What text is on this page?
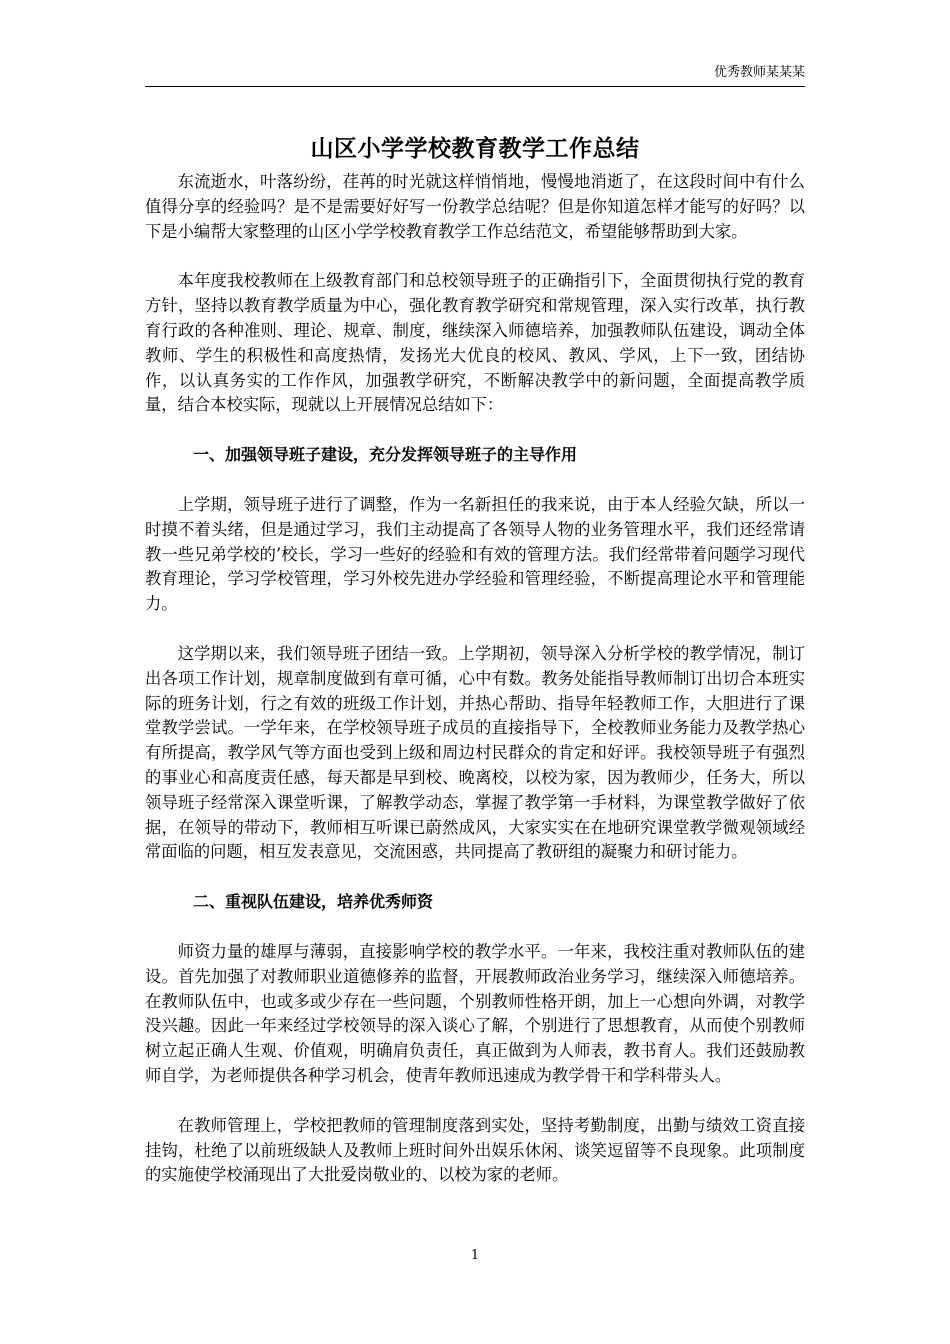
优秀教师某某某
山区小学学校教育教学工作总结

东流逝水，叶落纷纷，荏苒的时光就这样悄悄地，慢慢地消逝了，在这段时间中有什么值得分享的经验吗？是不是需要好好写一份教学总结呢？但是你知道怎样才能写的好吗？以下是小编帮大家整理的山区小学学校教育教学工作总结范文，希望能够帮助到大家。

本年度我校教师在上级教育部门和总校领导班子的正确指引下，全面贯彻执行党的教育方针，坚持以教育教学质量为中心，强化教育教学研究和常规管理，深入实行改革，执行教育行政的各种准则、理论、规章、制度，继续深入师德培养，加强教师队伍建设，调动全体教师、学生的积极性和高度热情，发扬光大优良的校风、教风、学风，上下一致，团结协作，以认真务实的工作作风，加强教学研究，不断解决教学中的新问题，全面提高教学质量，结合本校实际，现就以上开展情况总结如下：

一、加强领导班子建设，充分发挥领导班子的主导作用

上学期，领导班子进行了调整，作为一名新担任的我来说，由于本人经验欠缺，所以一时摸不着头绪，但是通过学习，我们主动提高了各领导人物的业务管理水平，我们还经常请教一些兄弟学校的’校长，学习一些好的经验和有效的管理方法。我们经常带着问题学习现代教育理论，学习学校管理，学习外校先进办学经验和管理经验，不断提高理论水平和管理能力。

这学期以来，我们领导班子团结一致。上学期初，领导深入分析学校的教学情况，制订出各项工作计划，规章制度做到有章可循，心中有数。教务处能指导教师制订出切合本班实际的班务计划，行之有效的班级工作计划，并热心帮助、指导年轻教师工作，大胆进行了课堂教学尝试。一学年来，在学校领导班子成员的直接指导下，全校教师业务能力及教学热心有所提高，教学风气等方面也受到上级和周边村民群众的肯定和好评。我校领导班子有强烈的事业心和高度责任感，每天都是早到校、晚离校，以校为家，因为教师少，任务大，所以领导班子经常深入课堂听课，了解教学动态，掌握了教学第一手材料，为课堂教学做好了依据，在领导的带动下，教师相互听课已蔚然成风，大家实实在在地研究课堂教学微观领域经常面临的问题，相互发表意见，交流困惑，共同提高了教研组的凝聚力和研讨能力。

二、重视队伍建设，培养优秀师资

师资力量的雄厚与薄弱，直接影响学校的教学水平。一年来，我校注重对教师队伍的建设。首先加强了对教师职业道德修养的监督，开展教师政治业务学习，继续深入师德培养。在教师队伍中，也或多或少存在一些问题，个别教师性格开朗，加上一心想向外调，对教学没兴趣。因此一年来经过学校领导的深入谈心了解，个别进行了思想教育，从而使个别教师树立起正确人生观、价值观，明确肩负责任，真正做到为人师表，教书育人。我们还鼓励教师自学，为老师提供各种学习机会，使青年教师迅速成为教学骨干和学科带头人。

在教师管理上，学校把教师的管理制度落到实处，坚持考勤制度，出勤与绩效工资直接挂钩，杜绝了以前班级缺人及教师上班时间外出娱乐休闲、谈笑逗留等不良现象。此项制度的实施使学校涌现出了大批爱岗敬业的、以校为家的老师。

1
